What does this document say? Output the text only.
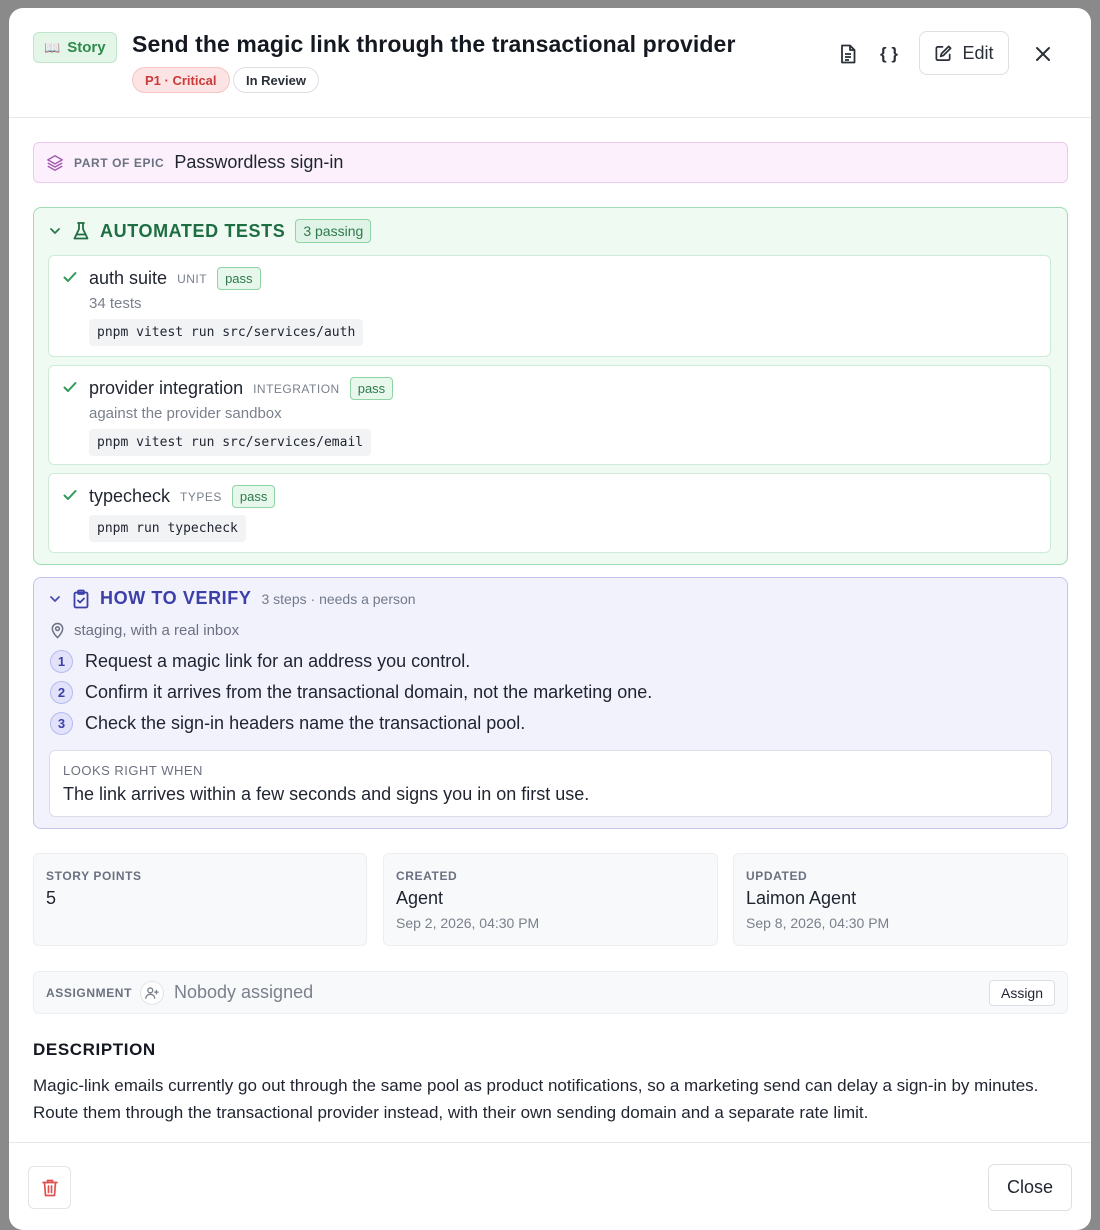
📖 Story Send the magic link through the transactional provider
P1 · Critical	In Review
{ }	Edit
PART OF EPIC Passwordless sign-in
AUTOMATED TESTS	3 passing
auth suite UNIT	pass
34 tests
pnpm vitest run src/services/auth
provider integration INTEGRATION	pass
against the provider sandbox
pnpm vitest run src/services/email
typecheck TYPES	pass
pnpm run typecheck
HOW TO VERIFY 3 steps · needs a person
staging, with a real inbox
1	Request a magic link for an address you control.
2	Confirm it arrives from the transactional domain, not the marketing one.
3	Check the sign-in headers name the transactional pool.
LOOKS RIGHT WHEN
The link arrives within a few seconds and signs you in on first use.
STORY POINTS
5
CREATED
Agent
Sep 2, 2026, 04:30 PM
UPDATED
Laimon Agent
Sep 8, 2026, 04:30 PM
ASSIGNMENT Nobody assigned	Assign
DESCRIPTION
Magic-link emails currently go out through the same pool as product notifications, so a marketing send can delay a sign-in by minutes. Route them through the transactional provider instead, with their own sending domain and a separate rate limit.
Close
